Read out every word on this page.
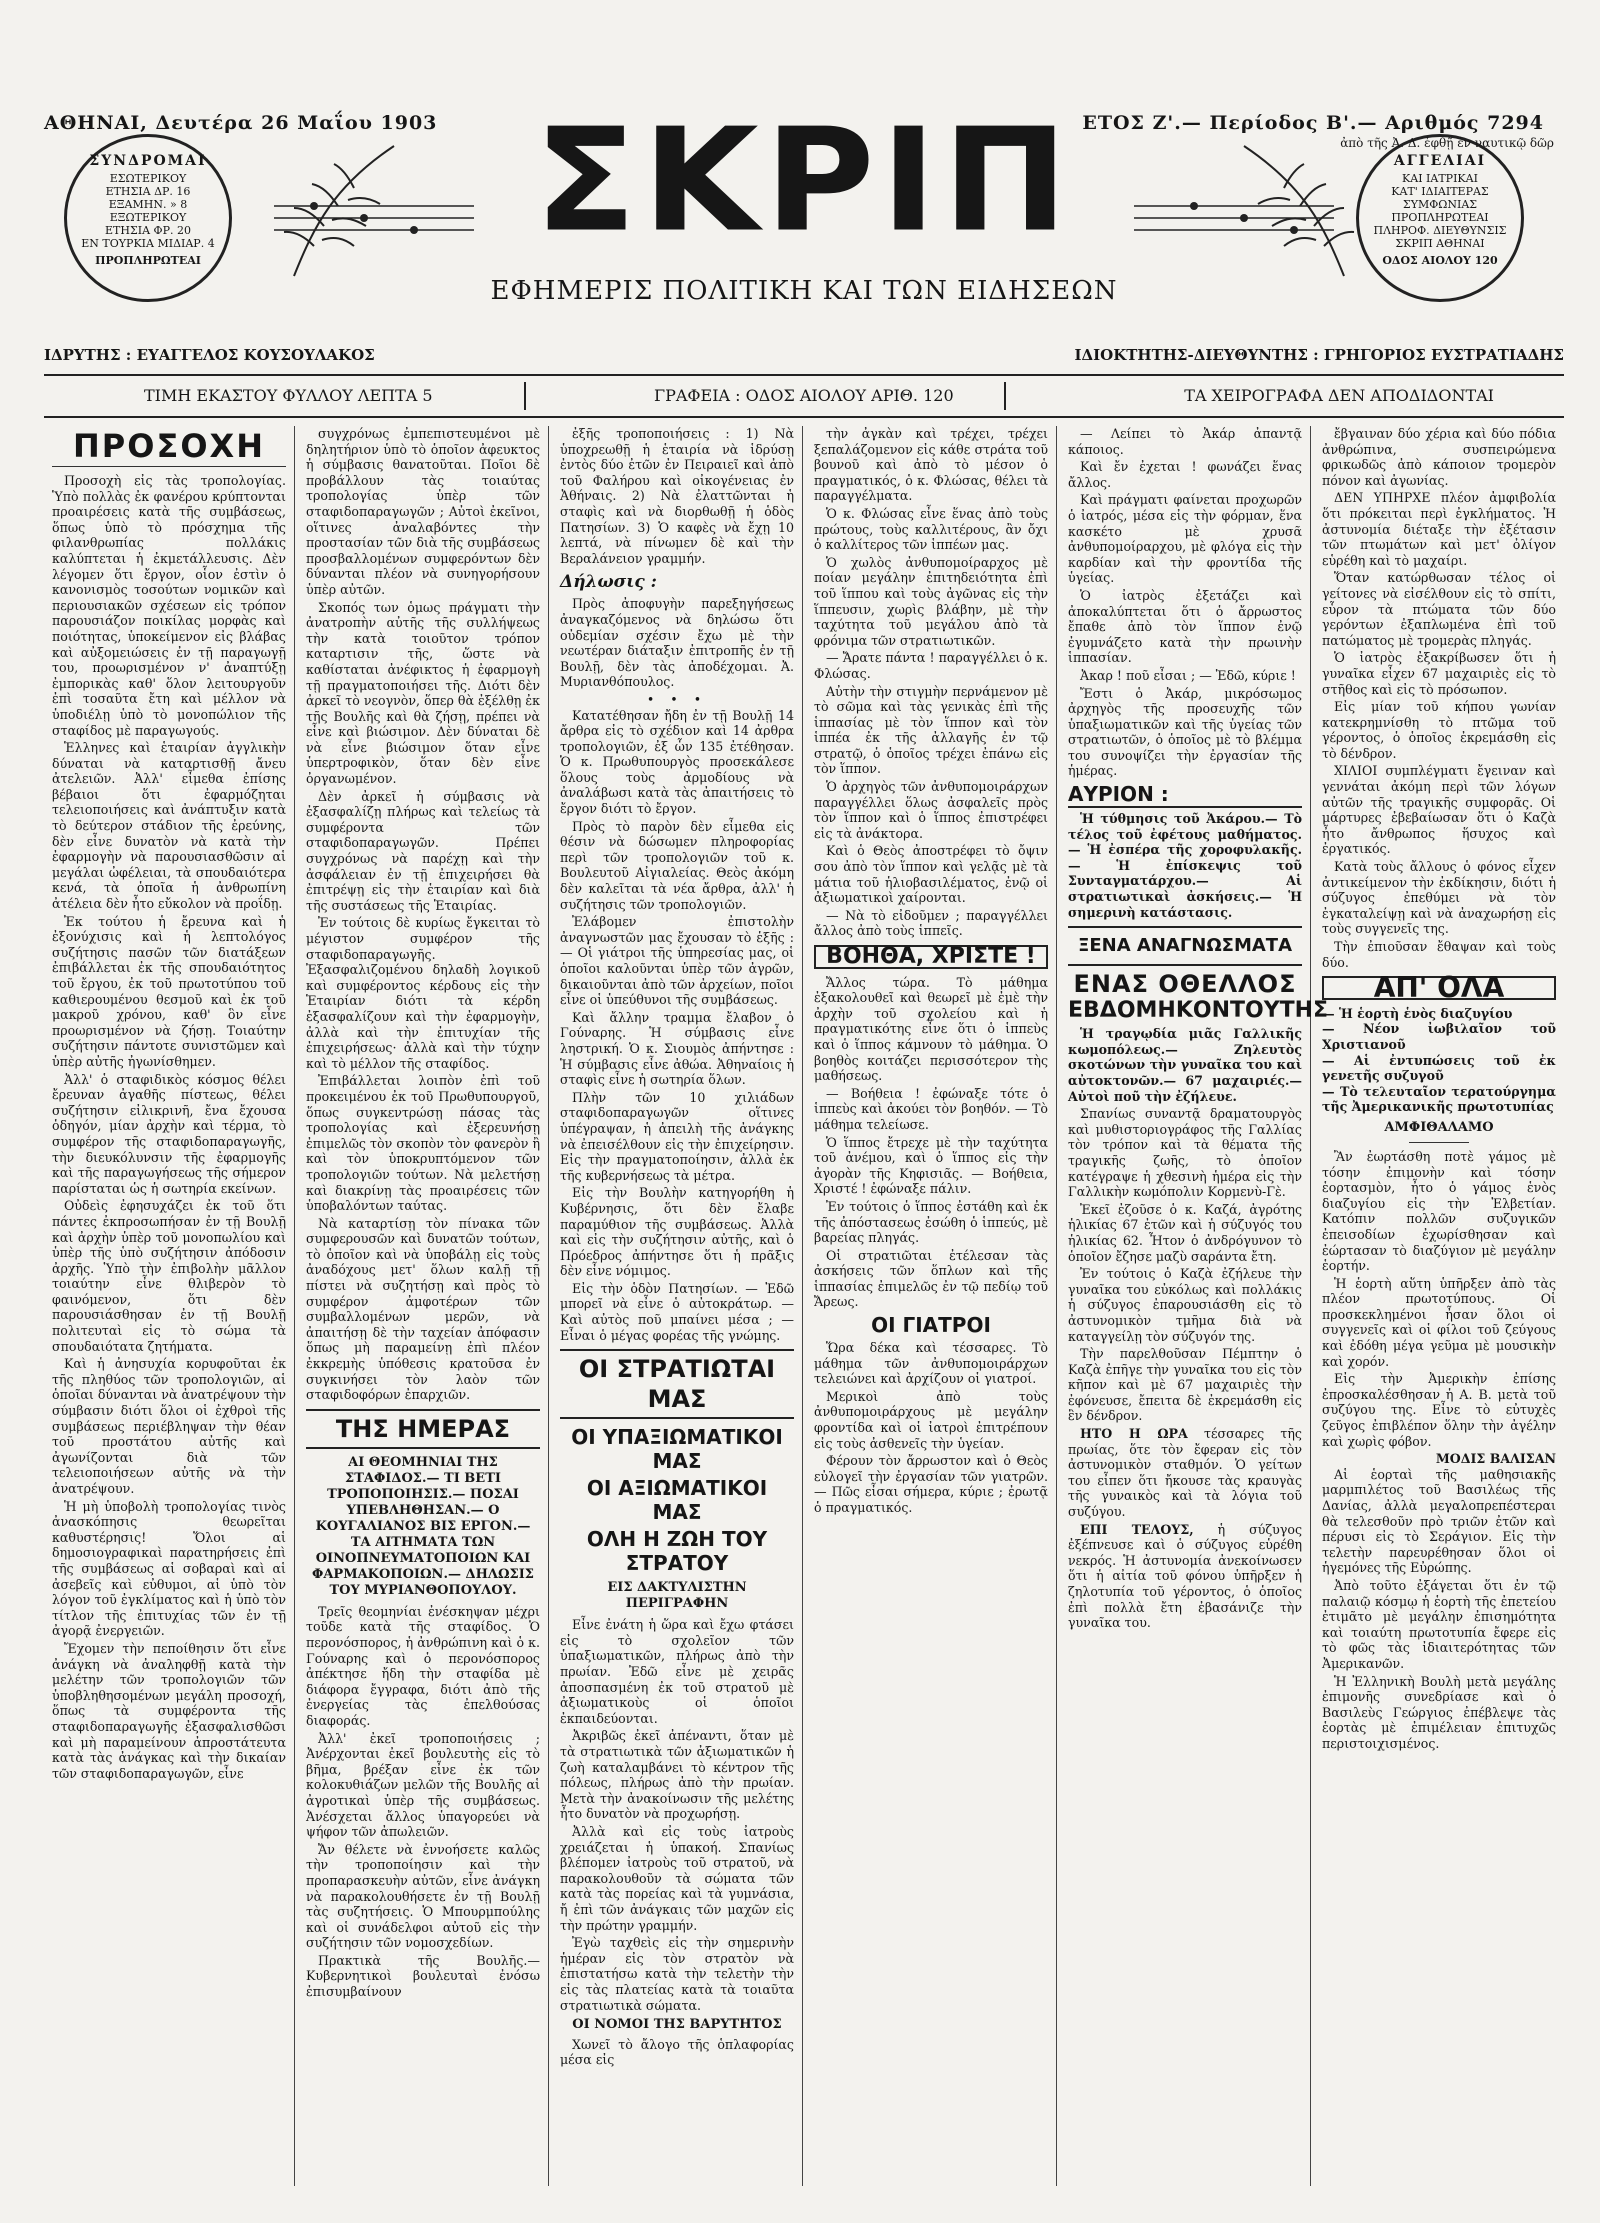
ΑΘΗΝΑΙ, Δευτέρα 26 Μαΐου 1903	ΕΤΟΣ Ζ'.— Περίοδος Β'.— Αριθμός 7294
ΣΥΝΔΡΟΜΑΙ
ΕΣΩΤΕΡΙΚΟΥ
ΕΤΗΣΙΑ ΔΡ. 16
ΕΞΑΜΗΝ. » 8
ΕΞΩΤΕΡΙΚΟΥ
ΕΤΗΣΙΑ ΦΡ. 20
ΕΝ ΤΟΥΡΚΙΑ ΜΙΔΙΑΡ. 4
ΠΡΟΠΛΗΡΩΤΕΑΙ	ΣΚΡΙΠ
ΕΦΗΜΕΡΙΣ ΠΟΛΙΤΙΚΗ ΚΑΙ ΤΩΝ ΕΙΔΗΣΕΩΝ
ΑΓΓΕΛΙΑΙ
ΚΑΙ ΙΑΤΡΙΚΑΙ
ΚΑΤ' ΙΔΙΑΙΤΕΡΑΣ
ΣΥΜΦΩΝΙΑΣ
ΠΡΟΠΛΗΡΩΤΕΑΙ
ΠΛΗΡΟΦ. ΔΙΕΥΘΥΝΣΙΣ
ΣΚΡΙΠ ΑΘΗΝΑΙ
ΟΔΟΣ ΑΙΟΛΟΥ 120
ἀπὸ τῆς Ἀ. Δ. ἐφθῇ ἐν ναυτικῷ δῶρ
ΙΔΡΥΤΗΣ : ΕΥΑΓΓΕΛΟΣ ΚΟΥΣΟΥΛΑΚΟΣ	ΙΔΙΟΚΤΗΤΗΣ-ΔΙΕΥΘΥΝΤΗΣ : ΓΡΗΓΟΡΙΟΣ ΕΥΣΤΡΑΤΙΑΔΗΣ
ΤΙΜΗ ΕΚΑΣΤΟΥ ΦΥΛΛΟΥ ΛΕΠΤΑ 5	ΓΡΑΦΕΙΑ : ΟΔΟΣ ΑΙΟΛΟΥ ΑΡΙΘ. 120	ΤΑ ΧΕΙΡΟΓΡΑΦΑ ΔΕΝ ΑΠΟΔΙΔΟΝΤΑΙ
ΠΡΟΣΟΧΗ

Προσοχὴ εἰς τὰς τροπολογίας. Ὑπὸ πολλὰς ἐκ φανέρου κρύπτονται προαιρέσεις κατὰ τῆς συμβάσεως, ὅπως ὑπὸ τὸ πρόσχημα τῆς φιλανθρωπίας πολλάκις καλύπτεται ἡ ἐκμετάλλευσις. Δὲν λέγομεν ὅτι ἔργον, οἷον ἐστὶν ὁ κανονισμὸς τοσούτων νομικῶν καὶ περιουσιακῶν σχέσεων εἰς τρόπον παρουσιάζον ποικίλας μορφὰς καὶ ποιότητας, ὑποκείμενον εἰς βλάβας καὶ αὐξομειώσεις ἐν τῇ παραγωγῇ του, προωρισμένον ν' ἀναπτύξῃ ἐμπορικὰς καθ' ὅλον λειτουργοῦν ἐπὶ τοσαῦτα ἔτη καὶ μέλλον νὰ ὑποδιέλῃ ὑπὸ τὸ μονοπώλιον τῆς σταφίδος μὲ παραγωγούς.

Ἑλληνες καὶ ἑταιρίαν ἀγγλικὴν δύναται νὰ καταρτισθῇ ἄνευ ἀτελειῶν. Ἀλλ' εἶμεθα ἐπίσης βέβαιοι ὅτι ἐφαρμόζηται τελειοποιήσεις καὶ ἀνάπτυξιν κατὰ τὸ δεύτερον στάδιον τῆς ἐρεύνης, δὲν εἶνε δυνατὸν νὰ κατὰ τὴν ἐφαρμογὴν νὰ παρουσιασθῶσιν αἱ μεγάλαι ὠφέλειαι, τὰ σπουδαιότερα κενά, τὰ ὁποῖα ἡ ἀνθρωπίνη ἀτέλεια δὲν ἦτο εὔκολον νὰ προΐδῃ.

Ἐκ τούτου ἡ ἔρευνα καὶ ἡ ἐξονύχισις καὶ ἡ λεπτολόγος συζήτησις πασῶν τῶν διατάξεων ἐπιβάλλεται ἐκ τῆς σπουδαιότητος τοῦ ἔργου, ἐκ τοῦ πρωτοτύπου τοῦ καθιερουμένου θεσμοῦ καὶ ἐκ τοῦ μακροῦ χρόνου, καθ' ὃν εἶνε προωρισμένον νὰ ζήσῃ. Τοιαύτην συζήτησιν πάντοτε συνιστῶμεν καὶ ὑπὲρ αὐτῆς ἠγωνίσθημεν.

Ἀλλ' ὁ σταφιδικὸς κόσμος θέλει ἔρευναν ἀγαθῆς πίστεως, θέλει συζήτησιν εἰλικρινῆ, ἔνα ἔχουσα ὁδηγόν, μίαν ἀρχὴν καὶ τέρμα, τὸ συμφέρον τῆς σταφιδοπαραγωγῆς, τὴν διευκόλυνσιν τῆς ἐφαρμογῆς καὶ τῆς παραγωγήσεως τῆς σήμερον παρίσταται ὡς ἡ σωτηρία εκείνων.

Οὐδεὶς ἐφησυχάζει ἐκ τοῦ ὅτι πάντες ἐκπροσωπήσαν ἐν τῇ Βουλῇ καὶ ἀρχὴν ὑπὲρ τοῦ μονοπωλίου καὶ ὑπὲρ τῆς ὑπὸ συζήτησιν ἀπόδοσιν ἀρχῆς. Ὑπὸ τὴν ἐπιβολὴν μᾶλλον τοιαύτην εἶνε θλιβερὸν τὸ φαινόμενον, ὅτι δὲν παρουσιάσθησαν ἐν τῇ Βουλῇ πολιτευταὶ εἰς τὸ σώμα τὰ σπουδαιότατα ζητήματα.

Καὶ ἡ ἀνησυχία κορυφοῦται ἐκ τῆς πληθύος τῶν τροπολογιῶν, αἱ ὁποῖαι δύνανται νὰ ἀνατρέψουν τὴν σύμβασιν διότι ὅλοι οἱ ἐχθροὶ τῆς συμβάσεως περιέβληψαν τὴν θέαν τοῦ προστάτου αὐτῆς καὶ ἀγωνίζονται διὰ τῶν τελειοποιήσεων αὐτῆς νὰ τὴν ἀνατρέψουν.

Ἡ μὴ ὑποβολὴ τροπολογίας τινὸς ἀνασκόπησις θεωρεῖται καθυστέρησις! Ὅλοι αἱ δημοσιογραφικαὶ παρατηρήσεις ἐπὶ τῆς συμβάσεως αἱ σοβαραὶ καὶ αἱ ἀσεβεῖς καὶ εὐθυμοι, αἱ ὑπὸ τὸν λόγον τοῦ ἐγκλίματος καὶ ἡ ὑπὸ τὸν τίτλον τῆς ἐπιτυχίας τῶν ἐν τῇ ἀγορᾷ ἐνεργειῶν.

Ἔχομεν τὴν πεποίθησιν ὅτι εἶνε ἀνάγκη νὰ ἀναληφθῇ κατὰ τὴν μελέτην τῶν τροπολογιῶν τῶν ὑποβληθησομένων μεγάλη προσοχή, ὅπως τὰ συμφέροντα τῆς σταφιδοπαραγωγῆς ἐξασφαλισθῶσι καὶ μὴ παραμείνουν ἀπροστάτευτα κατὰ τὰς ἀνάγκας καὶ τὴν δικαίαν τῶν σταφιδοπαραγωγῶν, εἶνε

συγχρόνως ἐμπεπιστευμένοι μὲ δηλητήριον ὑπὸ τὸ ὁποῖον ἀφευκτος ἡ σύμβασις θανατοῦται. Ποῖοι δὲ προβάλλουν τὰς τοιαύτας τροπολογίας ὑπὲρ τῶν σταφιδοπαραγωγῶν ; Αὐτοὶ ἐκεῖνοι, οἵτινες ἀναλαβόντες τὴν προστασίαν τῶν διὰ τῆς συμβάσεως προσβαλλομένων συμφερόντων δὲν δύνανται πλέον νὰ συνηγορήσουν ὑπὲρ αὐτῶν.

Σκοπός των ὁμως πράγματι τὴν ἀνατροπὴν αὐτῆς τῆς συλλήψεως τὴν κατὰ τοιοῦτον τρόπον καταρτισιν τῆς, ὥστε νὰ καθίσταται ἀνέφικτος ἡ ἐφαρμογὴ τῇ πραγματοποιήσει τῆς. Διότι δὲν ἀρκεῖ τὸ νεογνὸν, ὅπερ θὰ ἐξέλθῃ ἐκ τῆς Βουλῆς καὶ θὰ ζήσῃ, πρέπει νὰ εἶνε καὶ βιώσιμον. Δὲν δύναται δὲ νὰ εἶνε βιώσιμον ὅταν εἶνε ὑπερτροφικὸν, ὅταν δὲν εἶνε ὀργανωμένον.

Δὲν ἀρκεῖ ἡ σύμβασις νὰ ἐξασφαλίζῃ πλήρως καὶ τελείως τὰ συμφέροντα τῶν σταφιδοπαραγωγῶν. Πρέπει συγχρόνως νὰ παρέχῃ καὶ τὴν ἀσφάλειαν ἐν τῇ ἐπιχειρήσει θὰ ἐπιτρέψῃ εἰς τὴν ἑταιρίαν καὶ διὰ τῆς συστάσεως τῆς Ἑταιρίας.

Ἐν τούτοις δὲ κυρίως ἔγκειται τὸ μέγιστον συμφέρον τῆς σταφιδοπαραγωγῆς. Ἐξασφαλιζομένου δηλαδὴ λογικοῦ καὶ συμφέροντος κέρδους εἰς τὴν Ἑταιρίαν διότι τὰ κέρδη ἐξασφαλίζουν καὶ τὴν ἐφαρμογὴν, ἀλλὰ καὶ τὴν ἐπιτυχίαν τῆς ἐπιχειρήσεως· ἀλλὰ καὶ τὴν τύχην καὶ τὸ μέλλον τῆς σταφίδος.

Ἐπιβάλλεται λοιπὸν ἐπὶ τοῦ προκειμένου ἐκ τοῦ Πρωθυπουργοῦ, ὅπως συγκεντρώσῃ πάσας τὰς τροπολογίας καὶ ἐξερευνήσῃ ἐπιμελῶς τὸν σκοπὸν τὸν φανερὸν ἢ καὶ τὸν ὑποκρυπτόμενον τῶν τροπολογιῶν τούτων. Νὰ μελετήσῃ καὶ διακρίνῃ τὰς προαιρέσεις τῶν ὑποβαλόντων ταύτας.

Νὰ καταρτίσῃ τὸν πίνακα τῶν συμφερουσῶν καὶ δυνατῶν τούτων, τὸ ὁποῖον καὶ νὰ ὑποβάλῃ εἰς τοὺς ἀναδόχους μετ' ὅλων καλῇ τῇ πίστει νὰ συζητήσῃ καὶ πρὸς τὸ συμφέρον ἀμφοτέρων τῶν συμβαλλομένων μερῶν, νὰ ἀπαιτήσῃ δὲ τὴν ταχείαν ἀπόφασιν ὅπως μὴ παραμείνῃ ἐπὶ πλέον ἐκκρεμὴς ὑπόθεσις κρατοῦσα ἐν συγκινήσει τὸν λαὸν τῶν σταφιδοφόρων ἐπαρχιῶν.

ΤΗΣ ΗΜΕΡΑΣ
ΑΙ ΘΕΟΜΗΝΙΑΙ ΤΗΣ ΣΤΑΦΙΔΟΣ.— ΤΙ ΒΕΤΙ ΤΡΟΠΟΠΟΙΗΣΙΣ.— ΠΟΣΑΙ ΥΠΕΒΛΗΘΗΣΑΝ.— Ο ΚΟΥΓΑΛΙΑΝΟΣ ΒΙΣ ΕΡΓΟΝ.— ΤΑ ΑΙΤΗΜΑΤΑ ΤΩΝ ΟΙΝΟΠΝΕΥΜΑΤΟΠΟΙΩΝ ΚΑΙ ΦΑΡΜΑΚΟΠΟΙΩΝ.— ΔΗΛΩΣΙΣ ΤΟΥ ΜΥΡΙΑΝΘΟΠΟΥΛΟΥ.

Τρεῖς θεομηνίαι ἐνέσκηψαν μέχρι τοῦδε κατὰ τῆς σταφίδος. Ὁ περονόσπορος, ἡ ἀνθρώπινη καὶ ὁ κ. Γούναρης καὶ ὁ περονόσπορος ἀπέκτησε ἤδη τὴν σταφίδα μὲ διάφορα ἔγγραφα, διότι ἀπὸ τῆς ἐνεργείας τὰς ἐπελθούσας διαφοράς.

Ἀλλ' ἐκεῖ τροποποιήσεις ; Ἀνέρχονται ἐκεῖ βουλευτὴς εἰς τὸ βῆμα, βρέξαν εἶνε ἐκ τῶν κολοκυθιάζων μελῶν τῆς Βουλῆς αἱ ἀγροτικαὶ ὑπὲρ τῆς συμβάσεως. Ἀνέσχεται ἄλλος ὑπαγορεύει νὰ ψήφον τῶν ἀπωλειῶν.

Ἄν θέλετε νὰ ἐννοήσετε καλῶς τὴν τροποποίησιν καὶ τὴν προπαρασκευὴν αὐτῶν, εἶνε ἀνάγκη νὰ παρακολουθήσετε ἐν τῇ Βουλῇ τὰς συζητήσεις. Ὁ Μπουρμπούλης καὶ οἱ συνάδελφοι αὐτοῦ εἰς τὴν συζήτησιν τῶν νομοσχεδίων.

Πρακτικὰ τῆς Βουλῆς.— Κυβερνητικοὶ βουλευταὶ ἐνόσω ἐπισυμβαίνουν

ἐξῆς τροποποιήσεις : 1) Νὰ ὑποχρεωθῇ ἡ ἑταιρία νὰ ἱδρύσῃ ἐντὸς δύο ἐτῶν ἐν Πειραιεῖ καὶ ἀπὸ τοῦ Φαλήρου καὶ οἰκογένειας ἐν Ἀθήναις. 2) Νὰ ἐλαττῶνται ἡ σταφὶς καὶ νὰ διορθωθῇ ἡ ὁδὸς Πατησίων. 3) Ὁ καφὲς νὰ ἔχῃ 10 λεπτά, νὰ πίνωμεν δὲ καὶ τὴν Βεραλάνειον γραμμήν.

Δήλωσις :

Πρὸς ἀποφυγὴν παρεξηγήσεως ἀναγκαζόμενος νὰ δηλώσω ὅτι οὐδεμίαν σχέσιν ἔχω μὲ τὴν νεωτέραν διάταξιν ἐπιτροπῆς ἐν τῇ Βουλῇ, δὲν τὰς ἀποδέχομαι. Ἀ. Μυριανθόπουλος.

• • •

Κατατέθησαν ἤδη ἐν τῇ Βουλῇ 14 ἄρθρα εἰς τὸ σχέδιον καὶ 14 ἀρθρα τροπολογιῶν, ἐξ ὧν 135 ἐτέθησαν. Ὁ κ. Πρωθυπουργὸς προσεκάλεσε ὅλους τοὺς ἀρμοδίους νὰ ἀναλάβωσι κατὰ τὰς ἀπαιτήσεις τὸ ἔργον διότι τὸ ἔργον.

Πρὸς τὸ παρὸν δὲν εἶμεθα εἰς θέσιν νὰ δώσωμεν πληροφορίας περὶ τῶν τροπολογιῶν τοῦ κ. Βουλευτοῦ Αἰγιαλείας. Θεὸς ἀκόμη δὲν καλεῖται τὰ νέα ἄρθρα, ἀλλ' ἡ συζήτησις τῶν τροπολογιῶν.

Ἐλάβομεν ἐπιστολὴν ἀναγνωστῶν μας ἔχουσαν τὸ ἑξῆς : — Οἱ γιάτροι τῆς ὑπηρεσίας μας, οἱ ὁποῖοι καλοῦνται ὑπὲρ τῶν ἀγρῶν, δικαιοῦνται ἀπὸ τῶν ἀρχείων, ποῖοι εἶνε οἱ ὑπεύθυνοι τῆς συμβάσεως.

Καὶ ἄλλην τραμμα ἔλαβον ὁ Γούναρης. Ἡ σύμβασις εἶνε ληστρική. Ὁ κ. Σιουμὸς ἀπήντησε : Ἡ σύμβασις εἶνε ἀθώα. Ἀθηναίοις ἡ σταφὶς εἶνε ἡ σωτηρία ὅλων.

Πλὴν τῶν 10 χιλιάδων σταφιδοπαραγωγῶν οἵτινες ὑπέγραψαν, ἡ ἀπειλὴ τῆς ἀνάγκης νὰ ἐπεισέλθουν εἰς τὴν ἐπιχείρησιν. Εἰς τὴν πραγματοποίησιν, ἀλλὰ ἐκ τῆς κυβερνήσεως τὰ μέτρα.

Εἰς τὴν Βουλὴν κατηγορήθη ἡ Κυβέρνησις, ὅτι δὲν ἔλαβε παραμύθιον τῆς συμβάσεως. Ἀλλὰ καὶ εἰς τὴν συζήτησιν αὐτῆς, καὶ ὁ Πρόεδρος ἀπήντησε ὅτι ἡ πρᾶξις δὲν εἶνε νόμιμος.

Εἰς τὴν ὁδὸν Πατησίων. — Ἐδῶ μπορεῖ νὰ εἶνε ὁ αὐτοκράτωρ. — Καὶ αὐτὸς ποῦ μπαίνει μέσα ; — Εἶναι ὁ μέγας φορέας τῆς γνώμης.

ΟΙ ΣΤΡΑΤΙΩΤΑΙ ΜΑΣ
ΟΙ ΥΠΑΞΙΩΜΑΤΙΚΟΙ ΜΑΣ
ΟΙ ΑΞΙΩΜΑΤΙΚΟΙ ΜΑΣ
ΟΛΗ Η ΖΩΗ ΤΟΥ ΣΤΡΑΤΟΥ
ΕΙΣ ΔΑΚΤΥΛΙΣΤΗΝ ΠΕΡΙΓΡΑΦΗΝ

Εἶνε ἐνάτη ἡ ὥρα καὶ ἔχω φτάσει εἰς τὸ σχολεῖον τῶν ὑπαξιωματικῶν, πλήρως ἀπὸ τὴν πρωίαν. Ἐδῶ εἶνε μὲ χειρᾶς ἀποσπασμένη ἐκ τοῦ στρατοῦ μὲ ἀξιωματικοὺς οἱ ὁποῖοι ἐκπαιδεύονται.

Ἀκριβῶς ἐκεῖ ἀπέναντι, ὅταν μὲ τὰ στρατιωτικὰ τῶν ἀξιωματικῶν ἡ ζωὴ καταλαμβάνει τὸ κέντρον τῆς πόλεως, πλήρως ἀπὸ τὴν πρωίαν. Μετὰ τὴν ἀνακοίνωσιν τῆς μελέτης ἦτο δυνατὸν νὰ προχωρήσῃ.

Ἀλλὰ καὶ εἰς τοὺς ἰατροὺς χρειάζεται ἡ ὑπακοή. Σπανίως βλέπομεν ἰατροὺς τοῦ στρατοῦ, νὰ παρακολουθοῦν τὰ σώματα τῶν κατὰ τὰς πορείας καὶ τὰ γυμνάσια, ἤ ἐπὶ τῶν ἀνάγκαις τῶν μαχῶν εἰς τὴν πρώτην γραμμήν.

Ἐγὼ ταχθεὶς εἰς τὴν σημερινὴν ἡμέραν εἰς τὸν στρατὸν νὰ ἐπιστατήσω κατὰ τὴν τελετὴν τὴν εἰς τὰς πλατείας κατὰ τὰ τοιαῦτα στρατιωτικὰ σώματα.

ΟΙ ΝΟΜΟΙ ΤΗΣ ΒΑΡΥΤΗΤΟΣ

Χωνεῖ τὸ ἄλογο τῆς ὁπλαφορίας μέσα εἰς

τὴν ἀγκὰν καὶ τρέχει, τρέχει ξεπαλάζομενον εἰς κάθε στράτα τοῦ βουνοῦ καὶ ἀπὸ τὸ μέσον ὁ πραγματικός, ὁ κ. Φλώσας, θέλει τὰ παραγγέλματα.

Ὁ κ. Φλώσας εἶνε ἕνας ἀπὸ τοὺς πρώτους, τοὺς καλλιτέρους, ἂν ὄχι ὁ καλλίτερος τῶν ἱππέων μας.

Ὁ χωλὸς ἀνθυπομοίραρχος μὲ ποίαν μεγάλην ἐπιτηδειότητα ἐπὶ τοῦ ἵππου καὶ τοὺς ἀγῶνας εἰς τὴν ἵππευσιν, χωρὶς βλάβην, μὲ τὴν ταχύτητα τοῦ μεγάλου ἀπὸ τὰ φρόνιμα τῶν στρατιωτικῶν.

— Ἄρατε πάντα ! παραγγέλλει ὁ κ. Φλώσας.

Αὐτὴν τὴν στιγμὴν περνάμενον μὲ τὸ σῶμα καὶ τὰς γενικὰς ἐπὶ τῆς ἱππασίας μὲ τὸν ἵππον καὶ τὸν ἱππέα ἐκ τῆς ἀλλαγῆς ἐν τῷ στρατῷ, ὁ ὁποῖος τρέχει ἐπάνω εἰς τὸν ἵππον.

Ὁ ἀρχηγὸς τῶν ἀνθυπομοιράρχων παραγγέλλει ὅλως ἀσφαλεῖς πρὸς τὸν ἵππον καὶ ὁ ἵππος ἐπιστρέφει εἰς τὰ ἀνάκτορα.

Καὶ ὁ Θεὸς ἀποστρέφει τὸ ὄψιν σου ἀπὸ τὸν ἵππον καὶ γελᾷς μὲ τὰ μάτια τοῦ ἡλιοβασιλέματος, ἐνῷ οἱ ἀξιωματικοὶ χαίρονται.

— Νὰ τὸ εἰδοῦμεν ; παραγγέλλει ἄλλος ἀπὸ τοὺς ἱππεῖς.

ΒΟΗΘΑ, ΧΡΙΣΤΕ !

Ἄλλος τώρα. Τὸ μάθημα ἐξακολουθεῖ καὶ θεωρεῖ μὲ ἐμὲ τὴν ἀρχὴν τοῦ σχολείου καὶ ἡ πραγματικότης εἶνε ὅτι ὁ ἱππεὺς καὶ ὁ ἵππος κάμνουν τὸ μάθημα. Ὁ βοηθὸς κοιτάζει περισσότερον τὴς μαθήσεως.

— Βοήθεια ! ἐφώναξε τότε ὁ ἱππεὺς καὶ ἀκούει τὸν βοηθόν. — Τὸ μάθημα τελείωσε.

Ὁ ἵππος ἔτρεχε μὲ τὴν ταχύτητα τοῦ ἀνέμου, καὶ ὁ ἵππος εἰς τὴν ἀγορὰν τῆς Κηφισιᾶς. — Βοήθεια, Χριστέ ! ἐφώναξε πάλιν.

Ἐν τούτοις ὁ ἵππος ἐστάθη καὶ ἐκ τῆς ἀπόστασεως ἐσώθη ὁ ἱππεύς, μὲ βαρείας πληγάς.

Οἱ στρατιῶται ἐτέλεσαν τὰς ἀσκήσεις τῶν ὅπλων καὶ τῆς ἱππασίας ἐπιμελῶς ἐν τῷ πεδίῳ τοῦ Ἄρεως.

ΟΙ ΓΙΑΤΡΟΙ

Ὥρα δέκα καὶ τέσσαρες. Τὸ μάθημα τῶν ἀνθυπομοιράρχων τελειώνει καὶ ἀρχίζουν οἱ γιατροί.

Μερικοὶ ἀπὸ τοὺς ἀνθυπομοιράρχους μὲ μεγάλην φροντίδα καὶ οἱ ἰατροὶ ἐπιτρέπουν εἰς τοὺς ἀσθενεῖς τὴν ὑγείαν.

Φέρουν τὸν ἄρρωστον καὶ ὁ Θεὸς εὐλογεῖ τὴν ἐργασίαν τῶν γιατρῶν. — Πῶς εἶσαι σήμερα, κύριε ; ἐρωτᾷ ὁ πραγματικός.

— Λείπει τὸ Ἀκάρ ἀπαντᾷ κάποιος.

Καὶ ἔν ἐχεται ! φωνάζει ἕνας ἄλλος.

Καὶ πράγματι φαίνεται προχωρῶν ὁ ἰατρός, μέσα εἰς τὴν φόρμαν, ἕνα κασκέτο μὲ χρυσᾶ ἀνθυπομοίραρχου, μὲ φλόγα εἰς τὴν καρδίαν καὶ τὴν φροντίδα τῆς ὑγείας.

Ὁ ἰατρὸς ἐξετάζει καὶ ἀποκαλύπτεται ὅτι ὁ ἄρρωστος ἔπαθε ἀπὸ τὸν ἵππον ἐνῷ ἐγυμνάζετο κατὰ τὴν πρωινὴν ἱππασίαν.

Ἀκαρ ! ποῦ εἶσαι ; — Ἐδῶ, κύριε !

Ἔστι ὁ Ἀκάρ, μικρόσωμος ἀρχηγὸς τῆς προσευχῆς τῶν ὑπαξιωματικῶν καὶ τῆς ὑγείας τῶν στρατιωτῶν, ὁ ὁποῖος μὲ τὸ βλέμμα του συνοψίζει τὴν ἐργασίαν τῆς ἡμέρας.

ΑΥΡΙΟΝ :

Ἡ τύθμησις τοῦ Ἀκάρου.— Τὸ τέλος τοῦ ἐφέτους μαθήματος.— Ἡ ἐσπέρα τῆς χοροφυλακῆς.— Ἡ ἐπίσκεψις τοῦ Συνταγματάρχου.— Αἱ στρατιωτικαὶ ἀσκήσεις.— Ἡ σημερινὴ κατάστασις.

ΞΕΝΑ ΑΝΑΓΝΩΣΜΑΤΑ
ΕΝΑΣ ΟΘΕΛΛΟΣ
ΕΒΔΟΜΗΚΟΝΤΟΥΤΗΣ

Ἡ τραγῳδία μιᾶς Γαλλικῆς κωμοπόλεως.— Ζηλευτὸς σκοτώνων τὴν γυναῖκα του καὶ αὐτοκτονῶν.— 67 μαχαιριές.— Αὐτοὶ ποῦ τὴν ἐζήλευε.

Σπανίως συναντᾷ δραματουργὸς καὶ μυθιστοριογράφος τῆς Γαλλίας τὸν τρόπον καὶ τὰ θέματα τῆς τραγικῆς ζωῆς, τὸ ὁποῖον κατέγραψε ἡ χθεσινὴ ἡμέρα εἰς τὴν Γαλλικὴν κωμόπολιν Κορμενὺ-Γὲ.

Ἐκεῖ ἐζοῦσε ὁ κ. Καζά, ἀγρότης ἡλικίας 67 ἐτῶν καὶ ἡ σύζυγός του ἡλικίας 62. Ἦτον ὁ ἀνδρόγυνον τὸ ὁποῖον ἔζησε μαζὺ σαράντα ἔτη.

Ἐν τούτοις ὁ Καζὰ ἐζήλευε τὴν γυναῖκα του εὐκόλως καὶ πολλάκις ἡ σύζυγος ἐπαρουσιάσθη εἰς τὸ ἀστυνομικὸν τμῆμα διὰ νὰ καταγγείλῃ τὸν σύζυγόν της.

Τὴν παρελθοῦσαν Πέμπτην ὁ Καζὰ ἐπῆγε τὴν γυναῖκα του εἰς τὸν κῆπον καὶ μὲ 67 μαχαιριὲς τὴν ἐφόνευσε, ἔπειτα δὲ ἐκρεμάσθη εἰς ἓν δένδρον.

ΗΤΟ Η ΩΡΑ τέσσαρες τῆς πρωίας, ὅτε τὸν ἔφεραν εἰς τὸν ἀστυνομικὸν σταθμόν. Ὁ γείτων του εἶπεν ὅτι ἤκουσε τὰς κραυγὰς τῆς γυναικὸς καὶ τὰ λόγια τοῦ συζύγου.

ΕΠΙ ΤΕΛΟΥΣ, ἡ σύζυγος ἐξέπνευσε καὶ ὁ σύζυγος εὑρέθη νεκρός. Ἡ ἀστυνομία ἀνεκοίνωσεν ὅτι ἡ αἰτία τοῦ φόνου ὑπῆρξεν ἡ ζηλοτυπία τοῦ γέροντος, ὁ ὁποῖος ἐπὶ πολλὰ ἔτη ἐβασάνιζε τὴν γυναῖκα του.

ἔβγαιναν δύο χέρια καὶ δύο πόδια ἀνθρώπινα, συσπειρώμενα φρικωδῶς ἀπὸ κάποιον τρομερὸν πόνον καὶ ἀγωνίας.

ΔΕΝ ΥΠΗΡΧΕ πλέον ἀμφιβολία ὅτι πρόκειται περὶ ἐγκλήματος. Ἡ ἀστυνομία διέταξε τὴν ἐξέτασιν τῶν πτωμάτων καὶ μετ' ὀλίγον εὑρέθη καὶ τὸ μαχαίρι.

Ὅταν κατώρθωσαν τέλος οἱ γείτονες νὰ εἰσέλθουν εἰς τὸ σπίτι, εὗρον τὰ πτώματα τῶν δύο γερόντων ἐξαπλωμένα ἐπὶ τοῦ πατώματος μὲ τρομερὰς πληγάς.

Ὁ ἰατρὸς ἐξακρίβωσεν ὅτι ἡ γυναῖκα εἶχεν 67 μαχαιριὲς εἰς τὸ στῆθος καὶ εἰς τὸ πρόσωπον.

Εἰς μίαν τοῦ κήπου γωνίαν κατεκρημνίσθη τὸ πτῶμα τοῦ γέροντος, ὁ ὁποῖος ἐκρεμάσθη εἰς τὸ δένδρον.

ΧΙΛΙΟΙ συμπλέγματι ἔγειναν καὶ γεννάται ἀκόμη περὶ τῶν λόγων αὐτῶν τῆς τραγικῆς συμφορᾶς. Οἱ μάρτυρες ἐβεβαίωσαν ὅτι ὁ Καζὰ ἦτο ἄνθρωπος ἥσυχος καὶ ἐργατικός.

Κατὰ τοὺς ἄλλους ὁ φόνος εἶχεν ἀντικείμενον τὴν ἐκδίκησιν, διότι ἡ σύζυγος ἐπεθύμει νὰ τὸν ἐγκαταλείψῃ καὶ νὰ ἀναχωρήσῃ εἰς τοὺς συγγενεῖς της.

Τὴν ἐπιοῦσαν ἔθαψαν καὶ τοὺς δύο.

ΑΠ' ΟΛΑ
— Ἡ ἑορτὴ ἑνὸς διαζυγίου
— Νέον ἰωβιλαῖον τοῦ Χριστιανοῦ
— Αἱ ἐντυπώσεις τοῦ ἐκ γενετῆς συζυγοῦ
— Τὸ τελευταῖον τερατούργημα τῆς Ἀμερικανικῆς πρωτοτυπίας
ΑΜΦΙΘΑΛΑΜΟ

Ἂν ἐωρτάσθη ποτὲ γάμος μὲ τόσην ἐπιμονὴν καὶ τόσην ἑορτασμὸν, ἦτο ὁ γάμος ἑνὸς διαζυγίου εἰς τὴν Ἐλβετίαν. Κατόπιν πολλῶν συζυγικῶν ἐπεισοδίων ἐχωρίσθησαν καὶ ἐώρτασαν τὸ διαζύγιον μὲ μεγάλην ἑορτήν.

Ἡ ἑορτὴ αὕτη ὑπῆρξεν ἀπὸ τὰς πλέον πρωτοτύπους. Οἱ προσκεκλημένοι ἦσαν ὅλοι οἱ συγγενεῖς καὶ οἱ φίλοι τοῦ ζεύγους καὶ ἐδόθη μέγα γεῦμα μὲ μουσικὴν καὶ χορόν.

Εἰς τὴν Ἀμερικὴν ἐπίσης ἐπροσκαλέσθησαν ἡ Α. Β. μετὰ τοῦ συζύγου της. Εἶνε τὸ εὐτυχὲς ζεῦγος ἐπιβλέπον ὅλην τὴν ἀγέλην καὶ χωρὶς φόβον.

ΜΟΔΙΣ ΒΑΛΙΣΑΝ

Αἱ ἑορταὶ τῆς μαθησιακῆς μαρμπιλέτος τοῦ Βασιλέως τῆς Δανίας, ἀλλὰ μεγαλοπρεπέστεραι θὰ τελεσθοῦν πρὸ τριῶν ἐτῶν καὶ πέρυσι εἰς τὸ Σεράγιον. Εἰς τὴν τελετὴν παρευρέθησαν ὅλοι οἱ ἡγεμόνες τῆς Εὐρώπης.

Ἀπὸ τοῦτο ἐξάγεται ὅτι ἐν τῷ παλαιῷ κόσμῳ ἡ ἑορτὴ τῆς ἐπετείου ἐτιμᾶτο μὲ μεγάλην ἐπισημότητα καὶ τοιαύτη πρωτοτυπία ἔφερε εἰς τὸ φῶς τὰς ἰδιαιτερότητας τῶν Ἀμερικανῶν.

Ἡ Ἐλληνικὴ Βουλὴ μετὰ μεγάλης ἐπιμονῆς συνεδρίασε καὶ ὁ Βασιλεὺς Γεώργιος ἐπέβλεψε τὰς ἑορτὰς μὲ ἐπιμέλειαν ἐπιτυχῶς περιστοιχισμένος.
